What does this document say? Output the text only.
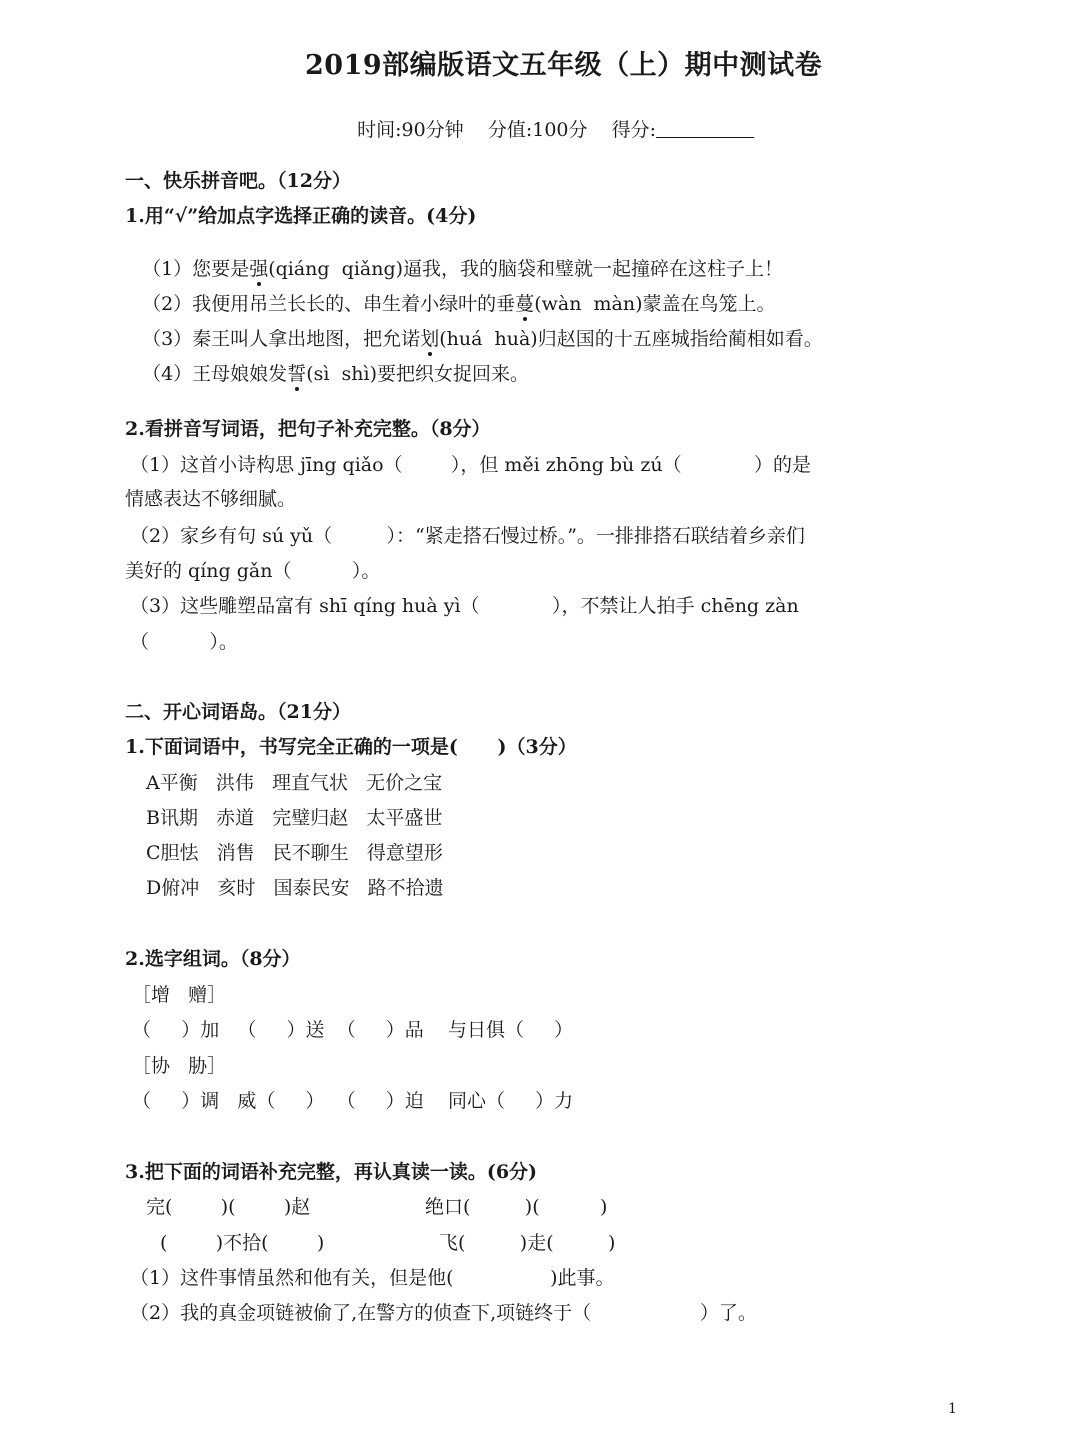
2019部编版语文五年级（上）期中测试卷

时间:90分钟    分值:100分    得分:

一、快乐拼音吧。（12分）
1.用“√”给加点字选择正确的读音。(4分)

（1）您要是强(qiáng  qiǎng)逼我，我的脑袋和璧就一起撞碎在这柱子上！

（2）我便用吊兰长长的、串生着小绿叶的垂蔓(wàn  màn)蒙盖在鸟笼上。

（3）秦王叫人拿出地图，把允诺划(huá  huà)归赵国的十五座城指给蔺相如看。

（4）王母娘娘发誓(sì  shì)要把织女捉回来。

2.看拼音写词语，把句子补充完整。（8分）
（1）这首小诗构思 jīng qiǎo（        ），但 měi zhōng bù zú（            ）的是
情感表达不够细腻。
（2）家乡有句 sú yǔ（         ）：“紧走搭石慢过桥。”。一排排搭石联结着乡亲们
美好的 qíng gǎn（          ）。
（3）这些雕塑品富有 shī qíng huà yì（            ），不禁让人拍手 chēng zàn
（          ）。
二、开心词语岛。（21分）
1.下面词语中，书写完全正确的一项是(      )（3分）
A平衡   洪伟   理直气状   无价之宝
B讯期   赤道   完璧归赵   太平盛世
C胆怯   消售   民不聊生   得意望形
D俯冲   亥时   国泰民安   路不拾遗
2.选字组词。（8分）
［增   赠］
（     ）加   （     ）送  （     ）品    与日俱（     ）
［协   胁］
（     ）调   威（     ）  （     ）迫    同心（     ）力
3.把下面的词语补充完整，再认真读一读。(6分)
完(        )(        )赵                   绝口(         )(          )
(        )不拾(        )                   飞(         )走(         )
（1）这件事情虽然和他有关，但是他(                )此事。
（2）我的真金项链被偷了,在警方的侦查下,项链终于（                  ）了。
1
